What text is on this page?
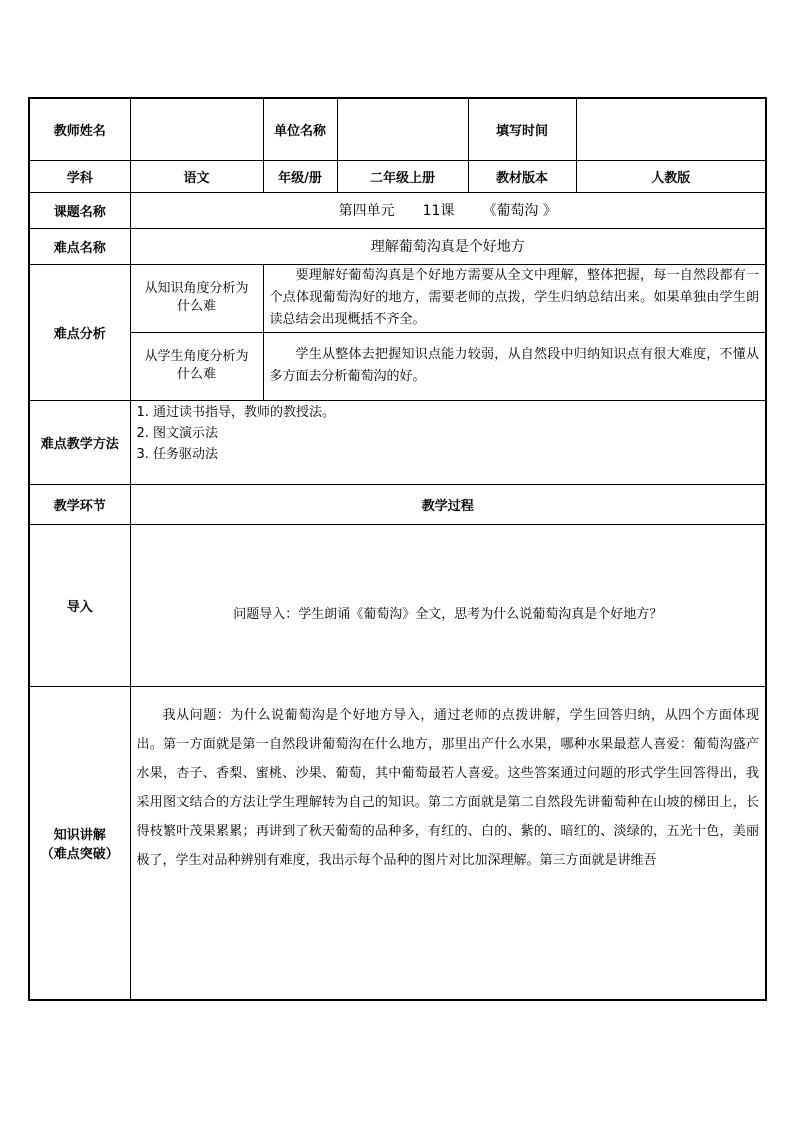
教师姓名		单位名称		填写时间	
学科	语文	年级/册	二年级上册	教材版本	人教版
课题名称	第四单元 11课 《葡萄沟 》				
难点名称	理解葡萄沟真是个好地方				
难点分析	从知识角度分析为什么难	要理解好葡萄沟真是个好地方需要从全文中理解，整体把握，每一自然段都有一个点体现葡萄沟好的地方，需要老师的点拨，学生归纳总结出来。如果单独由学生朗读总结会出现概括不齐全。			
	从学生角度分析为什么难	学生从整体去把握知识点能力较弱，从自然段中归纳知识点有很大难度，不懂从多方面去分析葡萄沟的好。			
难点教学方法	1. 通过读书指导，教师的教授法。
2. 图文演示法
3. 任务驱动法				

教学环节	教学过程				
导入	问题导入：学生朗诵《葡萄沟》全文，思考为什么说葡萄沟真是个好地方？				

知识讲解
（难点突破）	我从问题：为什么说葡萄沟是个好地方导入，通过老师的点拨讲解，学生回答归纳，从四个方面体现出。第一方面就是第一自然段讲葡萄沟在什么地方，那里出产什么水果，哪种水果最惹人喜爱：葡萄沟盛产水果，杏子、香梨、蜜桃、沙果、葡萄，其中葡萄最若人喜爱。这些答案通过问题的形式学生回答得出，我采用图文结合的方法让学生理解转为自己的知识。第二方面就是第二自然段先讲葡萄种在山坡的梯田上，长得枝繁叶茂果累累；再讲到了秋天葡萄的品种多，有红的、白的、紫的、暗红的、淡绿的，五光十色，美丽极了，学生对品种辨别有难度，我出示每个品种的图片对比加深理解。第三方面就是讲维吾				
